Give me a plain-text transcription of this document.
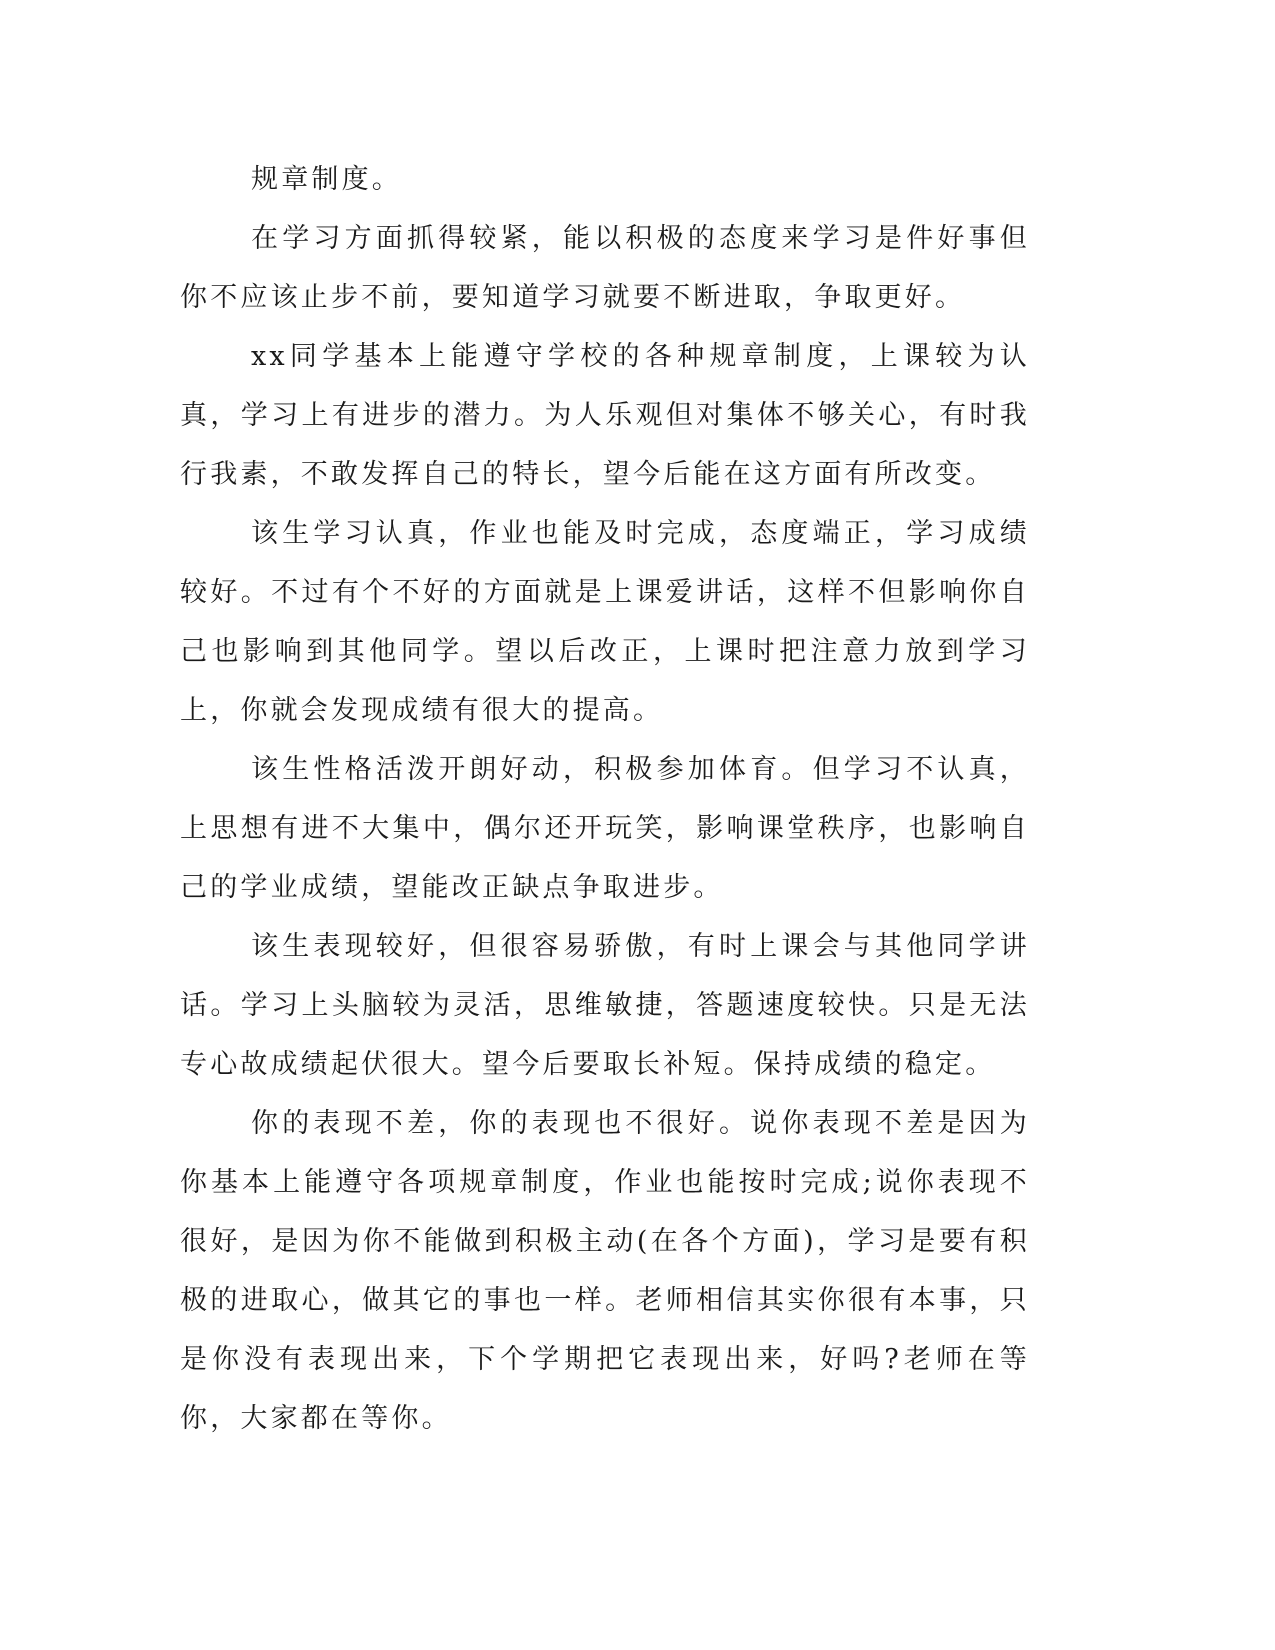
规章制度。

在学习方面抓得较紧，能以积极的态度来学习是件好事但你不应该止步不前，要知道学习就要不断进取，争取更好。

xx同学基本上能遵守学校的各种规章制度，上课较为认真，学习上有进步的潜力。为人乐观但对集体不够关心，有时我行我素，不敢发挥自己的特长，望今后能在这方面有所改变。

该生学习认真，作业也能及时完成，态度端正，学习成绩较好。不过有个不好的方面就是上课爱讲话，这样不但影响你自己也影响到其他同学。望以后改正，上课时把注意力放到学习上，你就会发现成绩有很大的提高。

该生性格活泼开朗好动，积极参加体育。但学习不认真，上思想有进不大集中，偶尔还开玩笑，影响课堂秩序，也影响自己的学业成绩，望能改正缺点争取进步。

该生表现较好，但很容易骄傲，有时上课会与其他同学讲话。学习上头脑较为灵活，思维敏捷，答题速度较快。只是无法专心故成绩起伏很大。望今后要取长补短。保持成绩的稳定。

你的表现不差，你的表现也不很好。说你表现不差是因为你基本上能遵守各项规章制度，作业也能按时完成;说你表现不很好，是因为你不能做到积极主动(在各个方面)，学习是要有积极的进取心，做其它的事也一样。老师相信其实你很有本事，只是你没有表现出来，下个学期把它表现出来，好吗?老师在等你，大家都在等你。
